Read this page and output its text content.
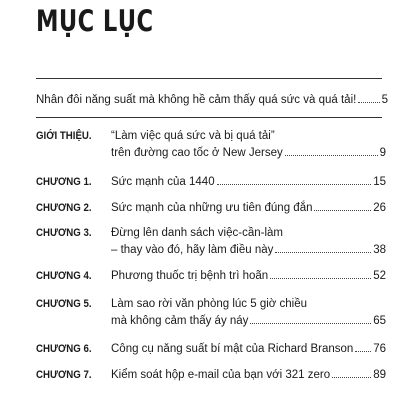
MỤC LỤC
Nhân đôi năng suất mà không hề cảm thấy quá sức và quá tải! 5
GIỚI THIỆU.	“Làm việc quá sức và bị quá tải”
trên đường cao tốc ở New Jersey	9
CHƯƠNG 1.	Sức mạnh của 1440	15
CHƯƠNG 2.	Sức mạnh của những ưu tiên đúng đắn	26
CHƯƠNG 3.	Đừng lên danh sách việc-cần-làm
– thay vào đó, hãy làm điều này	38
CHƯƠNG 4.	Phương thuốc trị bệnh trì hoãn	52
CHƯƠNG 5.	Làm sao rời văn phòng lúc 5 giờ chiều
mà không cảm thấy áy náy	65
CHƯƠNG 6.	Công cụ năng suất bí mật của Richard Branson 76
CHƯƠNG 7.	Kiểm soát hộp e-mail của bạn với 321 zero	89
